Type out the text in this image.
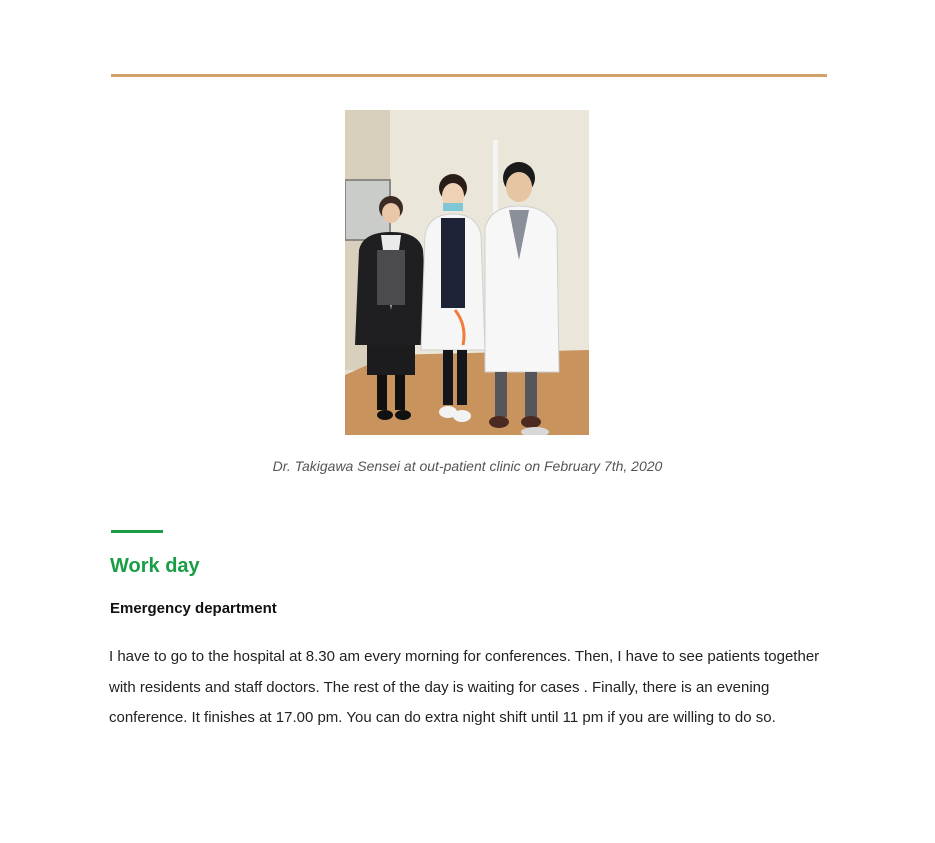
Dr. Takigawa Sensei at out-patient clinic on February 7th, 2020
Work day
Emergency department

I have to go to the hospital at 8.30 am every morning for conferences. Then, I have to see patients together with residents and staff doctors. The rest of the day is waiting for cases . Finally, there is an evening conference. It finishes at 17.00 pm. You can do extra night shift until 11 pm if you are willing to do so.
